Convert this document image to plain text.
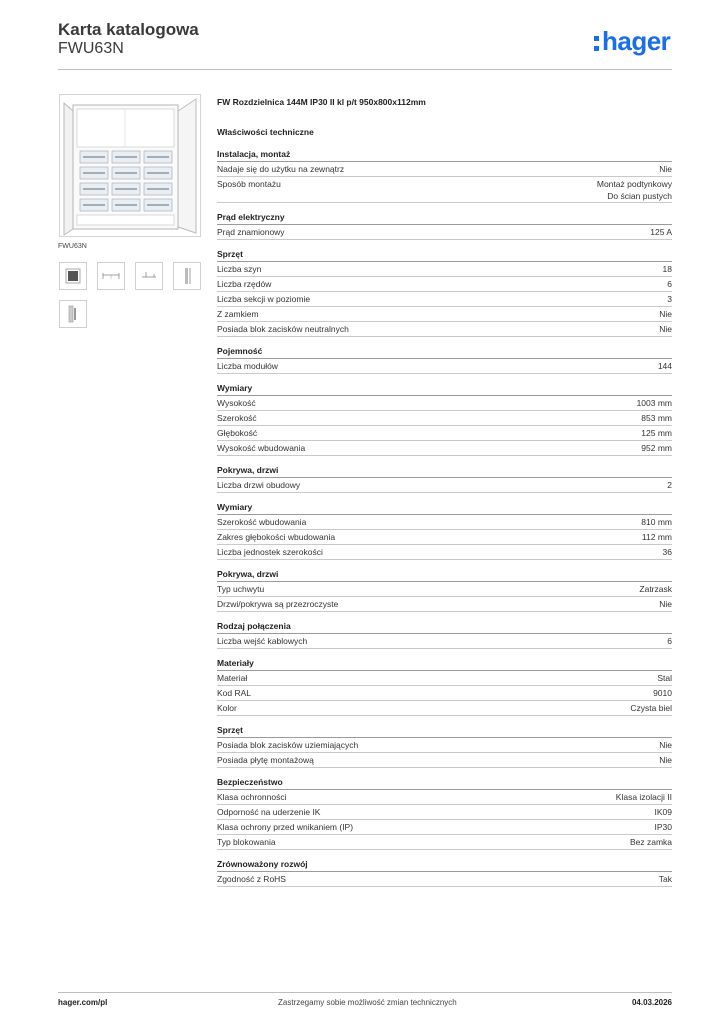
Karta katalogowa
FWU63N	hager
FWU63N
FW Rozdzielnica 144M IP30 II kl p/t 950x800x112mm
Właściwości techniczne
Instalacja, montaż
Nadaje się do użytku na zewnątrz	Nie
Sposób montażu	Montaż podtynkowy
Do ścian pustych
Prąd elektryczny
Prąd znamionowy	125 A
Sprzęt
Liczba szyn	18
Liczba rzędów	6
Liczba sekcji w poziomie	3
Z zamkiem	Nie
Posiada blok zacisków neutralnych	Nie
Pojemność
Liczba modułów	144
Wymiary
Wysokość	1003 mm
Szerokość	853 mm
Głębokość	125 mm
Wysokość wbudowania	952 mm
Pokrywa, drzwi
Liczba drzwi obudowy	2
Wymiary
Szerokość wbudowania	810 mm
Zakres głębokości wbudowania	112 mm
Liczba jednostek szerokości	36
Pokrywa, drzwi
Typ uchwytu	Zatrzask
Drzwi/pokrywa są przezroczyste	Nie
Rodzaj połączenia
Liczba wejść kablowych	6
Materiały
Materiał	Stal
Kod RAL	9010
Kolor	Czysta biel
Sprzęt
Posiada blok zacisków uziemiających	Nie
Posiada płytę montażową	Nie
Bezpieczeństwo
Klasa ochronności	Klasa izolacji II
Odporność na uderzenie IK	IK09
Klasa ochrony przed wnikaniem (IP)	IP30
Typ blokowania	Bez zamka
Zrównoważony rozwój
Zgodność z RoHS	Tak
hager.com/pl	Zastrzegamy sobie możliwość zmian technicznych	04.03.2026
